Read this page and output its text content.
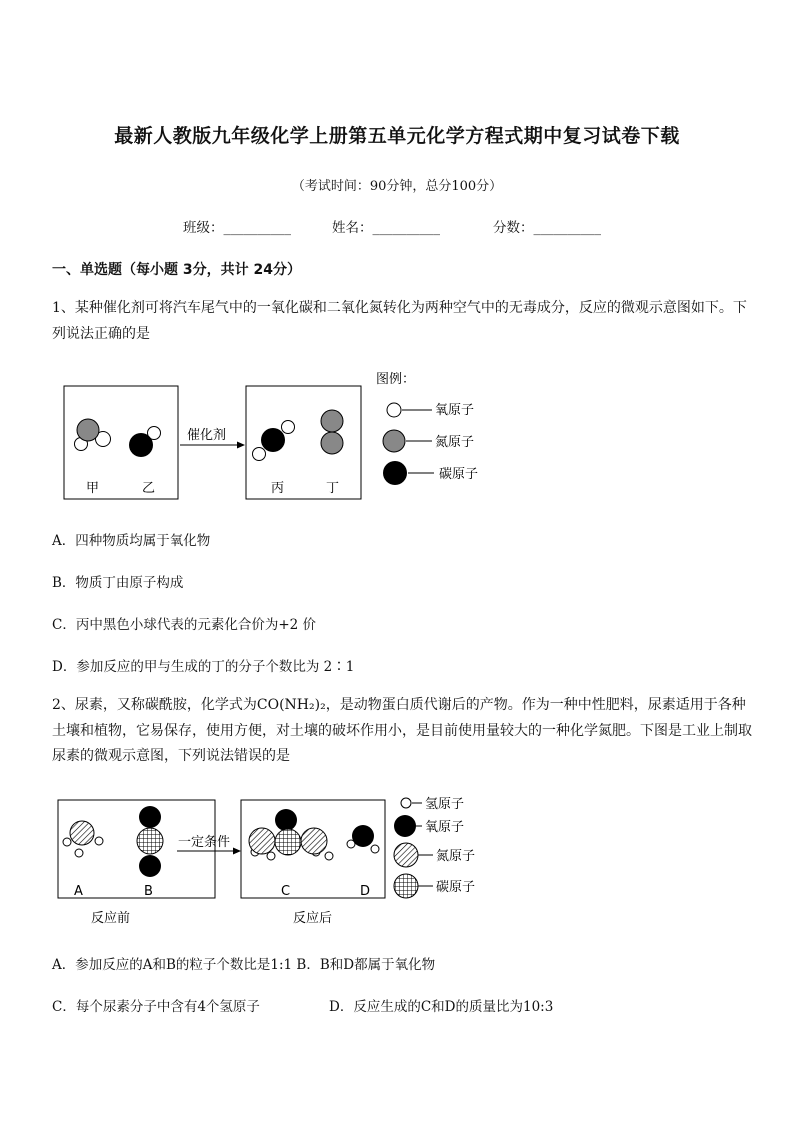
最新人教版九年级化学上册第五单元化学方程式期中复习试卷下载
（考试时间：90分钟，总分100分）
班级：__________	姓名：__________	分数：__________
一、单选题（每小题 3分，共计 24分）
1、某种催化剂可将汽车尾气中的一氧化碳和二氧化氮转化为两种空气中的无毒成分，反应的微观示意图如下。下列说法正确的是
催化剂
甲	乙	丙	丁
图例：
氧原子
氮原子
碳原子
A．四种物质均属于氧化物
B．物质丁由原子构成
C．丙中黑色小球代表的元素化合价为+2 价
D．参加反应的甲与生成的丁的分子个数比为 2∶1
2、尿素，又称碳酰胺，化学式为CO(NH₂)₂，是动物蛋白质代谢后的产物。作为一种中性肥料，尿素适用于各种土壤和植物，它易保存，使用方便，对土壤的破坏作用小，是目前使用量较大的一种化学氮肥。下图是工业上制取尿素的微观示意图，下列说法错误的是
一定条件
A	B	C	D
反应前	反应后
氢原子
氧原子
氮原子
碳原子
A．参加反应的A和B的粒子个数比是1:1 B．B和D都属于氧化物
C．每个尿素分子中含有4个氢原子	D．反应生成的C和D的质量比为10:3
